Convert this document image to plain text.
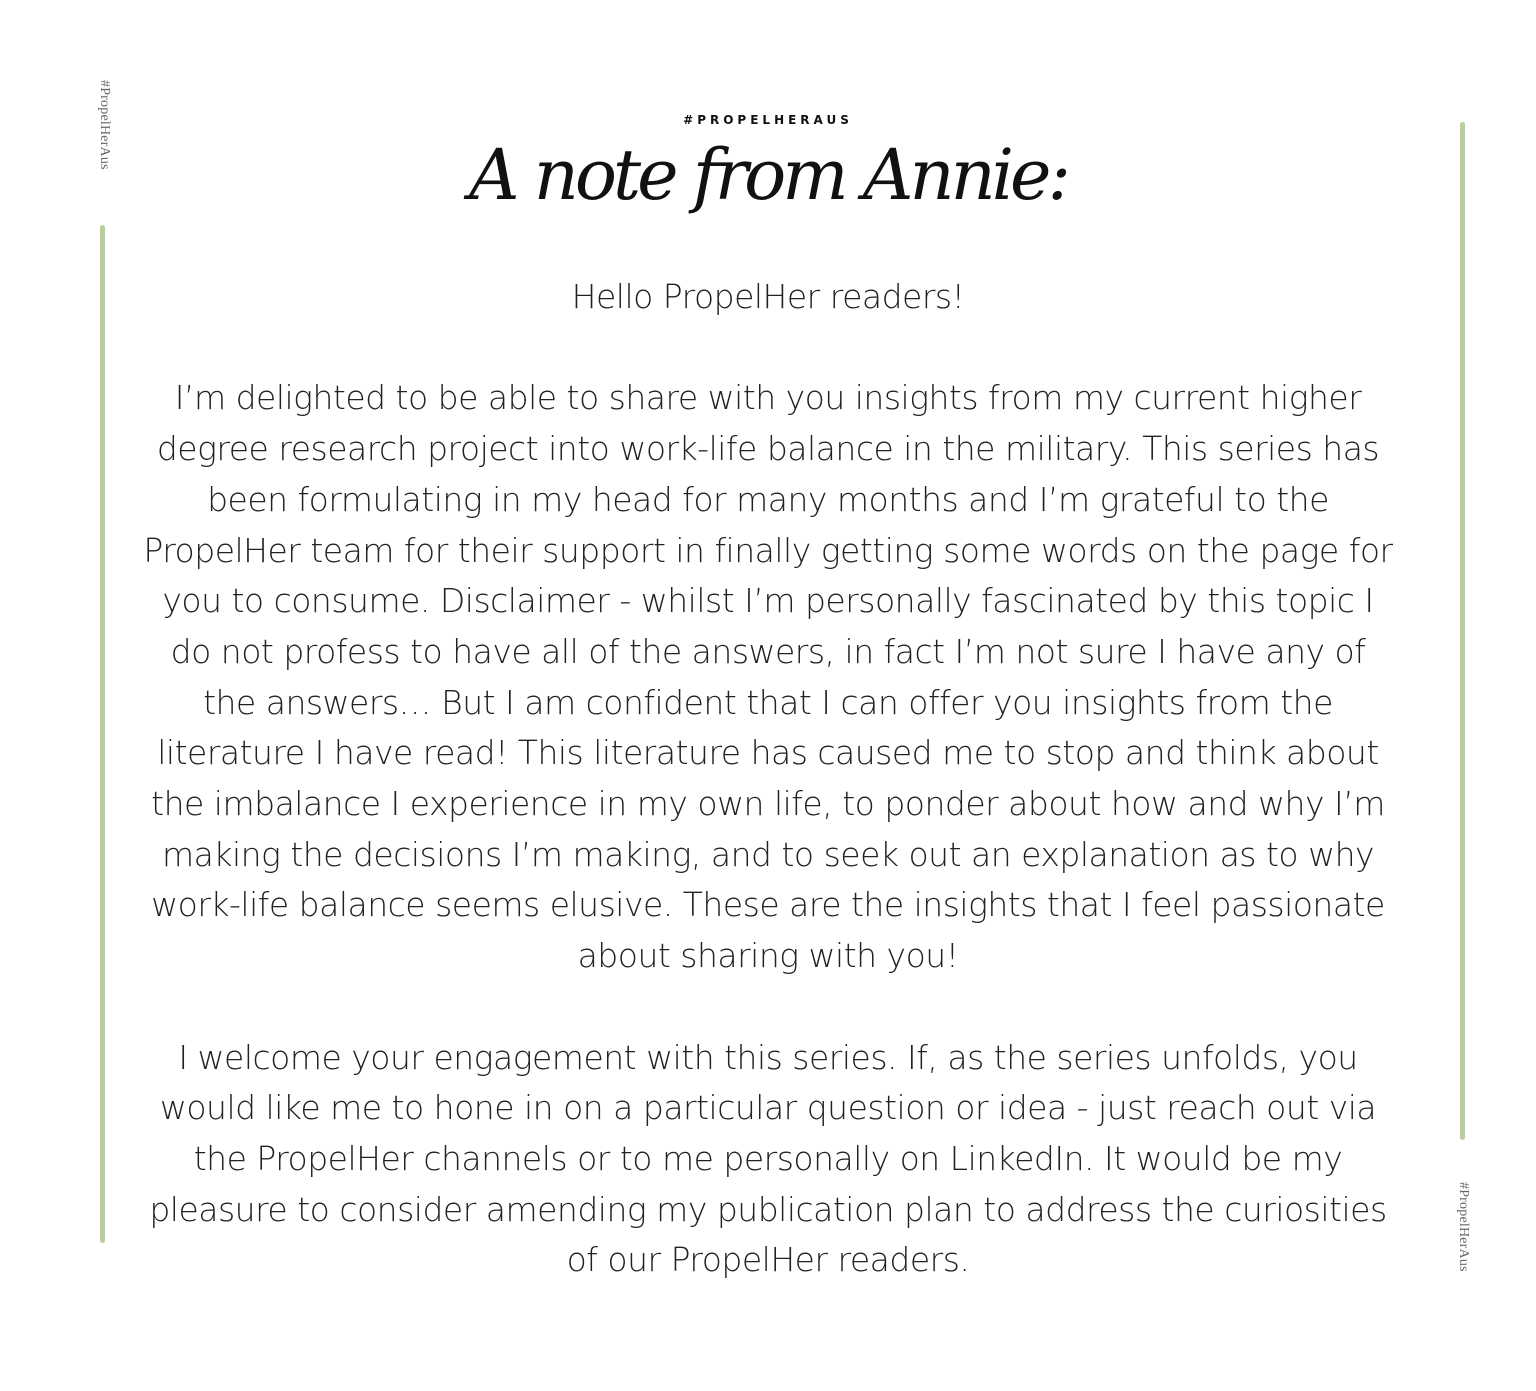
#PropelHerAus
#PropelHerAus
#PROPELHERAUS
A note from Annie:

Hello PropelHer readers!

I’m delighted to be able to share with you insights from my current higher degree research project into work-life balance in the military. This series has been formulating in my head for many months and I’m grateful to the PropelHer team for their support in finally getting some words on the page for you to consume. Disclaimer - whilst I’m personally fascinated by this topic I do not profess to have all of the answers, in fact I’m not sure I have any of the answers… But I am confident that I can offer you insights from the literature I have read! This literature has caused me to stop and think about the imbalance I experience in my own life, to ponder about how and why I’m making the decisions I’m making, and to seek out an explanation as to why work-life balance seems elusive. These are the insights that I feel passionate about sharing with you!

I welcome your engagement with this series. If, as the series unfolds, you would like me to hone in on a particular question or idea - just reach out via the PropelHer channels or to me personally on LinkedIn. It would be my pleasure to consider amending my publication plan to address the curiosities of our PropelHer readers.
